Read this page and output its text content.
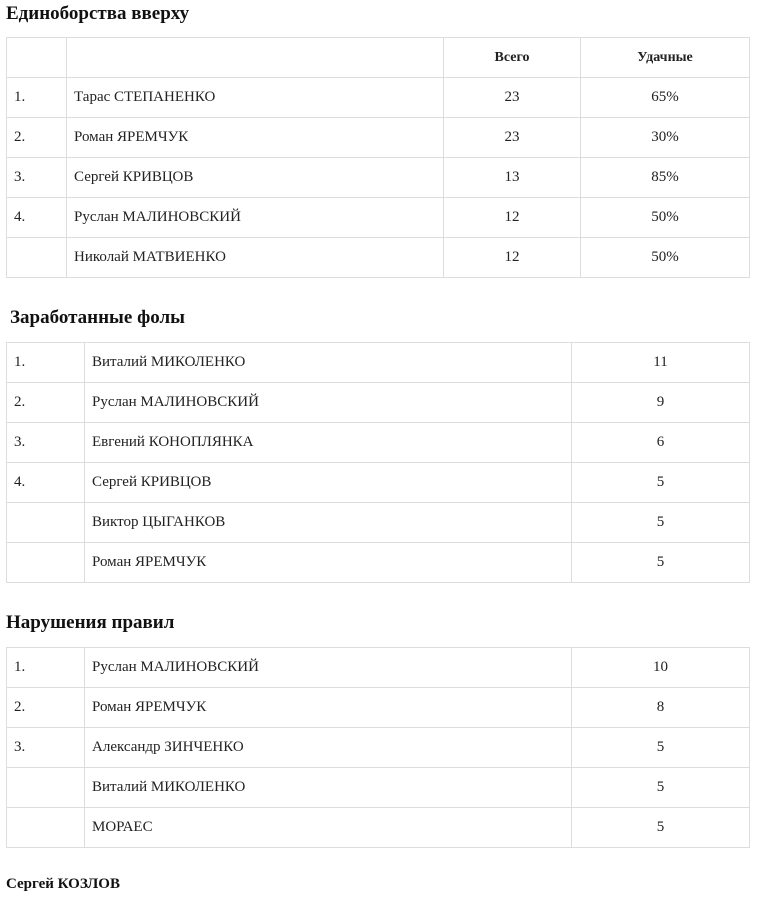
Единоборства вверху
		Всего	Удачные
1.	Тарас СТЕПАНЕНКО	23	65%
2.	Роман ЯРЕМЧУК	23	30%
3.	Сергей КРИВЦОВ	13	85%
4.	Руслан МАЛИНОВСКИЙ	12	50%
	Николай МАТВИЕНКО	12	50%
Заработанные фолы
1.	Виталий МИКОЛЕНКО	11
2.	Руслан МАЛИНОВСКИЙ	9
3.	Евгений КОНОПЛЯНКА	6
4.	Сергей КРИВЦОВ	5
	Виктор ЦЫГАНКОВ	5
	Роман ЯРЕМЧУК	5
Нарушения правил
1.	Руслан МАЛИНОВСКИЙ	10
2.	Роман ЯРЕМЧУК	8
3.	Александр ЗИНЧЕНКО	5
	Виталий МИКОЛЕНКО	5
	МОРАЕС	5
Сергей КОЗЛОВ
